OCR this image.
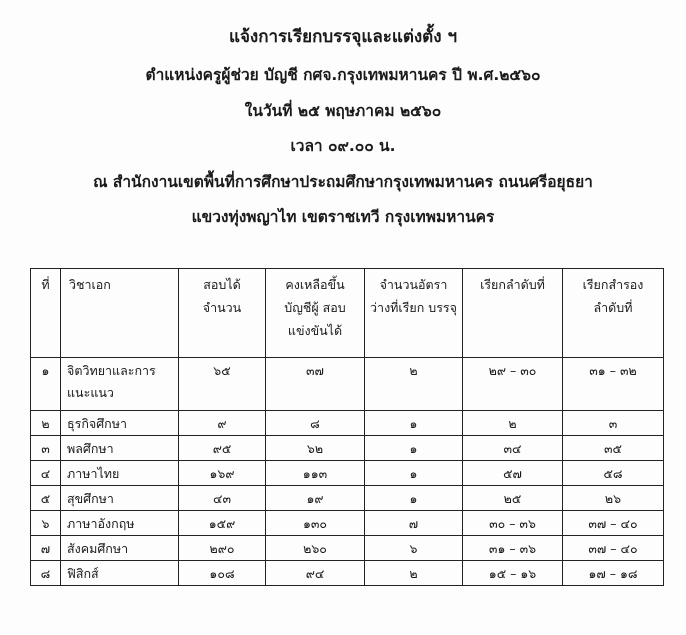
แจ้งการเรียกบรรจุและแต่งตั้ง ฯ
ตำแหน่งครูผู้ช่วย บัญชี กศจ.กรุงเทพมหานคร ปี พ.ศ.๒๕๖๐
ในวันที่ ๒๕ พฤษภาคม ๒๕๖๐
เวลา ๐๙.๐๐ น.
ณ สำนักงานเขตพื้นที่การศึกษาประถมศึกษากรุงเทพมหานคร ถนนศรีอยุธยา
แขวงทุ่งพญาไท เขตราชเทวี กรุงเทพมหานคร
ที่	วิชาเอก	สอบได้ จำนวน	คงเหลือขึ้น บัญชีผู้ สอบแข่งขันได้	จำนวนอัตรา ว่างที่เรียก บรรจุ	เรียกลำดับที่	เรียกสำรอง ลำดับที่
๑	จิตวิทยาและการแนะแนว	๖๕	๓๗	๒	๒๙ – ๓๐	๓๑ – ๓๒
๒	ธุรกิจศึกษา	๙	๘	๑	๒	๓
๓	พลศึกษา	๙๕	๖๒	๑	๓๔	๓๕
๔	ภาษาไทย	๑๖๙	๑๑๓	๑	๕๗	๕๘
๕	สุขศึกษา	๔๓	๑๙	๑	๒๕	๒๖
๖	ภาษาอังกฤษ	๑๕๙	๑๓๐	๗	๓๐ – ๓๖	๓๗ – ๔๐
๗	สังคมศึกษา	๒๙๐	๒๖๐	๖	๓๑ – ๓๖	๓๗ – ๔๐
๘	ฟิสิกส์	๑๐๘	๙๔	๒	๑๕ – ๑๖	๑๗ – ๑๘
